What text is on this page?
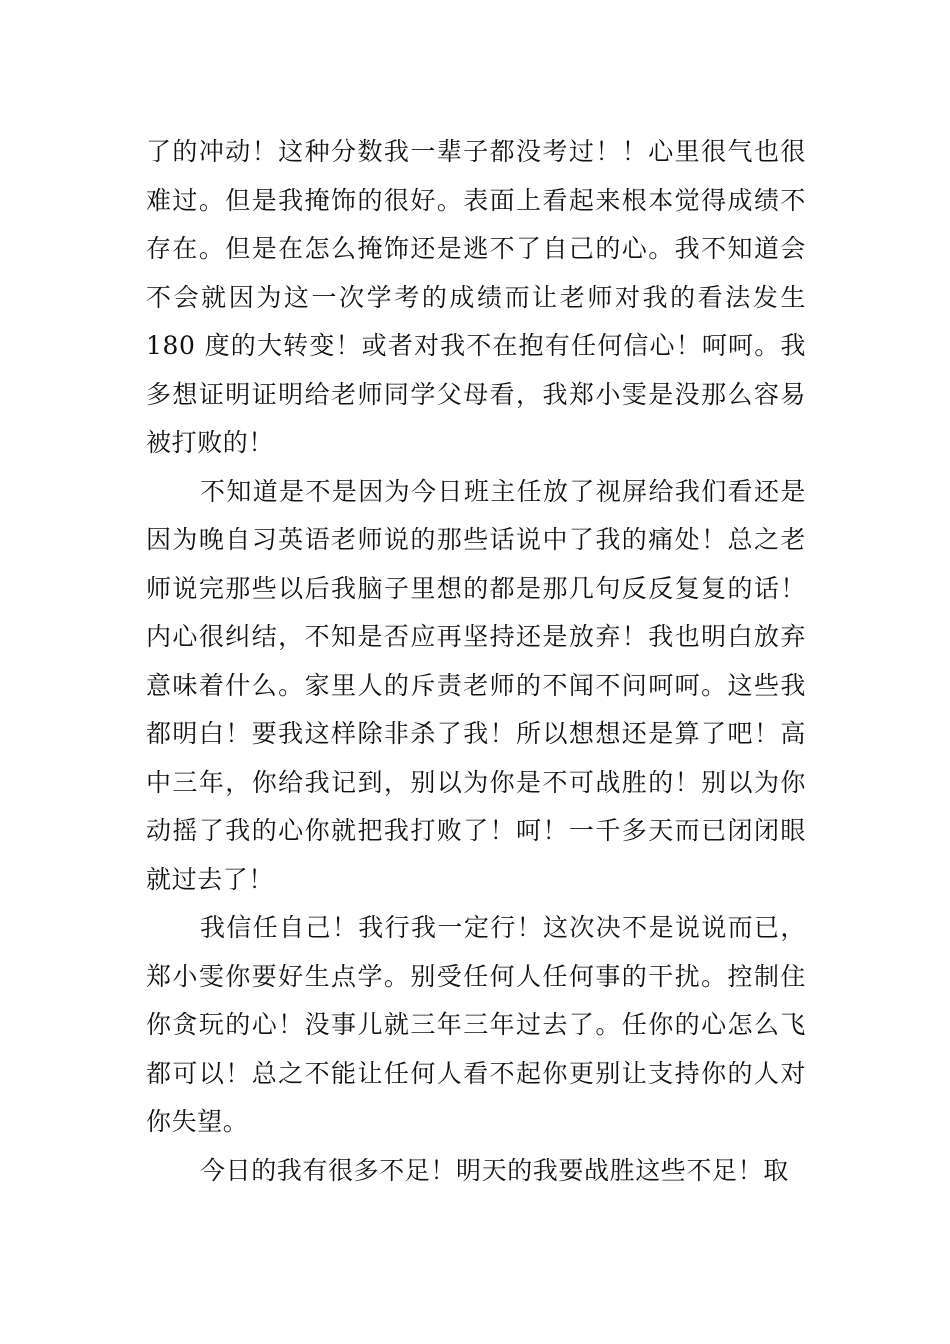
了的冲动！这种分数我一辈子都没考过！！心里很气也很难过。但是我掩饰的很好。表面上看起来根本觉得成绩不存在。但是在怎么掩饰还是逃不了自己的心。我不知道会不会就因为这一次学考的成绩而让老师对我的看法发生 180 度的大转变！或者对我不在抱有任何信心！呵呵。我多想证明证明给老师同学父母看，我郑小雯是没那么容易被打败的！

不知道是不是因为今日班主任放了视屏给我们看还是因为晚自习英语老师说的那些话说中了我的痛处！总之老师说完那些以后我脑子里想的都是那几句反反复复的话！内心很纠结，不知是否应再坚持还是放弃！我也明白放弃意味着什么。家里人的斥责老师的不闻不问呵呵。这些我都明白！要我这样除非杀了我！所以想想还是算了吧！高中三年，你给我记到，别以为你是不可战胜的！别以为你动摇了我的心你就把我打败了！呵！一千多天而已闭闭眼就过去了！

我信任自己！我行我一定行！这次决不是说说而已，郑小雯你要好生点学。别受任何人任何事的干扰。控制住你贪玩的心！没事儿就三年三年过去了。任你的心怎么飞都可以！总之不能让任何人看不起你更别让支持你的人对你失望。

今日的我有很多不足！明天的我要战胜这些不足！取
